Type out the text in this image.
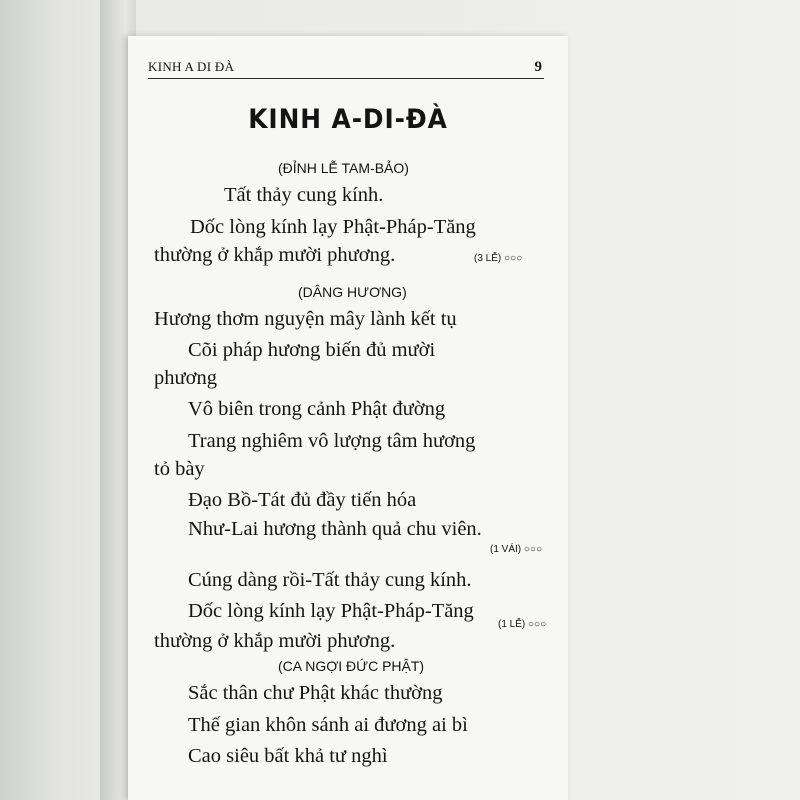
KINH A DI ĐÀ	9
KINH A-DI-ĐÀ
(ĐỈNH LỄ TAM-BẢO)
Tất thảy cung kính.
Dốc lòng kính lạy Phật-Pháp-Tăng
thường ở khắp mười phương.	(3 LỄ) ○○○
(DÂNG HƯƠNG)
Hương thơm nguyện mây lành kết tụ
Cõi pháp hương biến đủ mười
phương
Vô biên trong cảnh Phật đường
Trang nghiêm vô lượng tâm hương
tỏ bày
Đạo Bồ-Tát đủ đầy tiến hóa
Như-Lai hương thành quả chu viên.
(1 VÁI) ○○○
Cúng dàng rồi-Tất thảy cung kính.
Dốc lòng kính lạy Phật-Pháp-Tăng
thường ở khắp mười phương.
(1 LỄ) ○○○
(CA NGỢI ĐỨC PHẬT)
Sắc thân chư Phật khác thường
Thế gian khôn sánh ai đương ai bì
Cao siêu bất khả tư nghì
